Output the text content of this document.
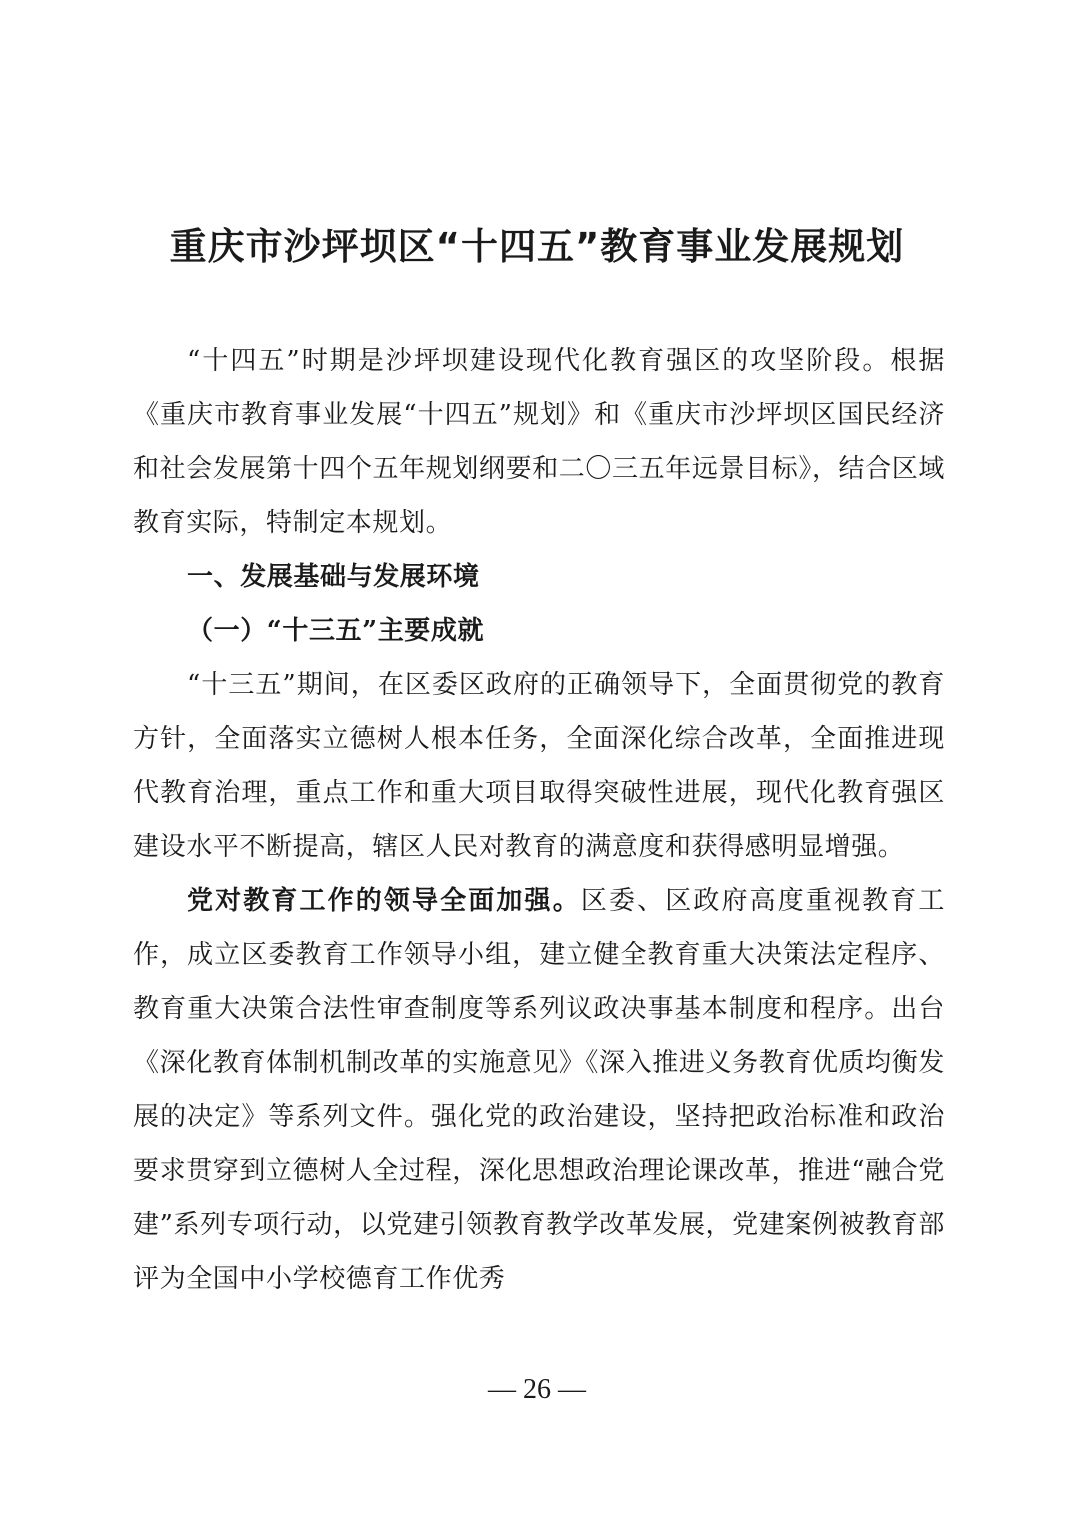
重庆市沙坪坝区“十四五”教育事业发展规划

“十四五”时期是沙坪坝建设现代化教育强区的攻坚阶段。根据《重庆市教育事业发展“十四五”规划》和《重庆市沙坪坝区国民经济和社会发展第十四个五年规划纲要和二〇三五年远景目标》，结合区域教育实际，特制定本规划。

一、发展基础与发展环境

（一）“十三五”主要成就

“十三五”期间，在区委区政府的正确领导下，全面贯彻党的教育方针，全面落实立德树人根本任务，全面深化综合改革，全面推进现代教育治理，重点工作和重大项目取得突破性进展，现代化教育强区建设水平不断提高，辖区人民对教育的满意度和获得感明显增强。

党对教育工作的领导全面加强。区委、区政府高度重视教育工作，成立区委教育工作领导小组，建立健全教育重大决策法定程序、教育重大决策合法性审查制度等系列议政决事基本制度和程序。出台《深化教育体制机制改革的实施意见》《深入推进义务教育优质均衡发展的决定》等系列文件。强化党的政治建设，坚持把政治标准和政治要求贯穿到立德树人全过程，深化思想政治理论课改革，推进“融合党建”系列专项行动，以党建引领教育教学改革发展，党建案例被教育部评为全国中小学校德育工作优秀

— 26 —
